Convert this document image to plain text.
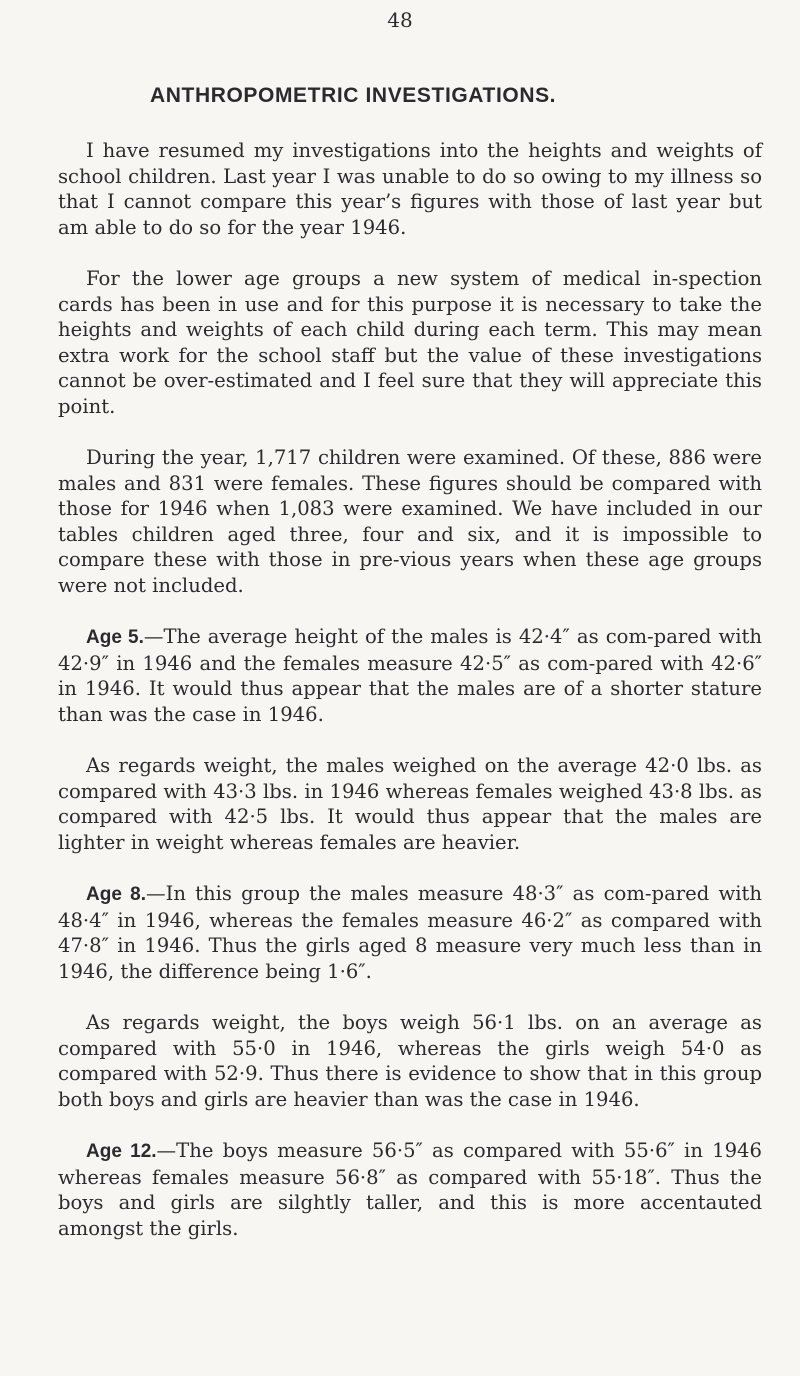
48
ANTHROPOMETRIC INVESTIGATIONS.

I have resumed my investigations into the heights and weights of school children. Last year I was unable to do so owing to my illness so that I cannot compare this year’s figures with those of last year but am able to do so for the year 1946.

For the lower age groups a new system of medical in-spection cards has been in use and for this purpose it is necessary to take the heights and weights of each child during each term. This may mean extra work for the school staff but the value of these investigations cannot be over-estimated and I feel sure that they will appreciate this point.

During the year, 1,717 children were examined. Of these, 886 were males and 831 were females. These figures should be compared with those for 1946 when 1,083 were examined. We have included in our tables children aged three, four and six, and it is impossible to compare these with those in pre-vious years when these age groups were not included.

Age 5.—The average height of the males is 42·4″ as com-pared with 42·9″ in 1946 and the females measure 42·5″ as com-pared with 42·6″ in 1946. It would thus appear that the males are of a shorter stature than was the case in 1946.

As regards weight, the males weighed on the average 42·0 lbs. as compared with 43·3 lbs. in 1946 whereas females weighed 43·8 lbs. as compared with 42·5 lbs. It would thus appear that the males are lighter in weight whereas females are heavier.

Age 8.—In this group the males measure 48·3″ as com-pared with 48·4″ in 1946, whereas the females measure 46·2″ as compared with 47·8″ in 1946. Thus the girls aged 8 measure very much less than in 1946, the difference being 1·6″.

As regards weight, the boys weigh 56·1 lbs. on an average as compared with 55·0 in 1946, whereas the girls weigh 54·0 as compared with 52·9. Thus there is evidence to show that in this group both boys and girls are heavier than was the case in 1946.

Age 12.—The boys measure 56·5″ as compared with 55·6″ in 1946 whereas females measure 56·8″ as compared with 55·18″. Thus the boys and girls are silghtly taller, and this is more accentauted amongst the girls.
